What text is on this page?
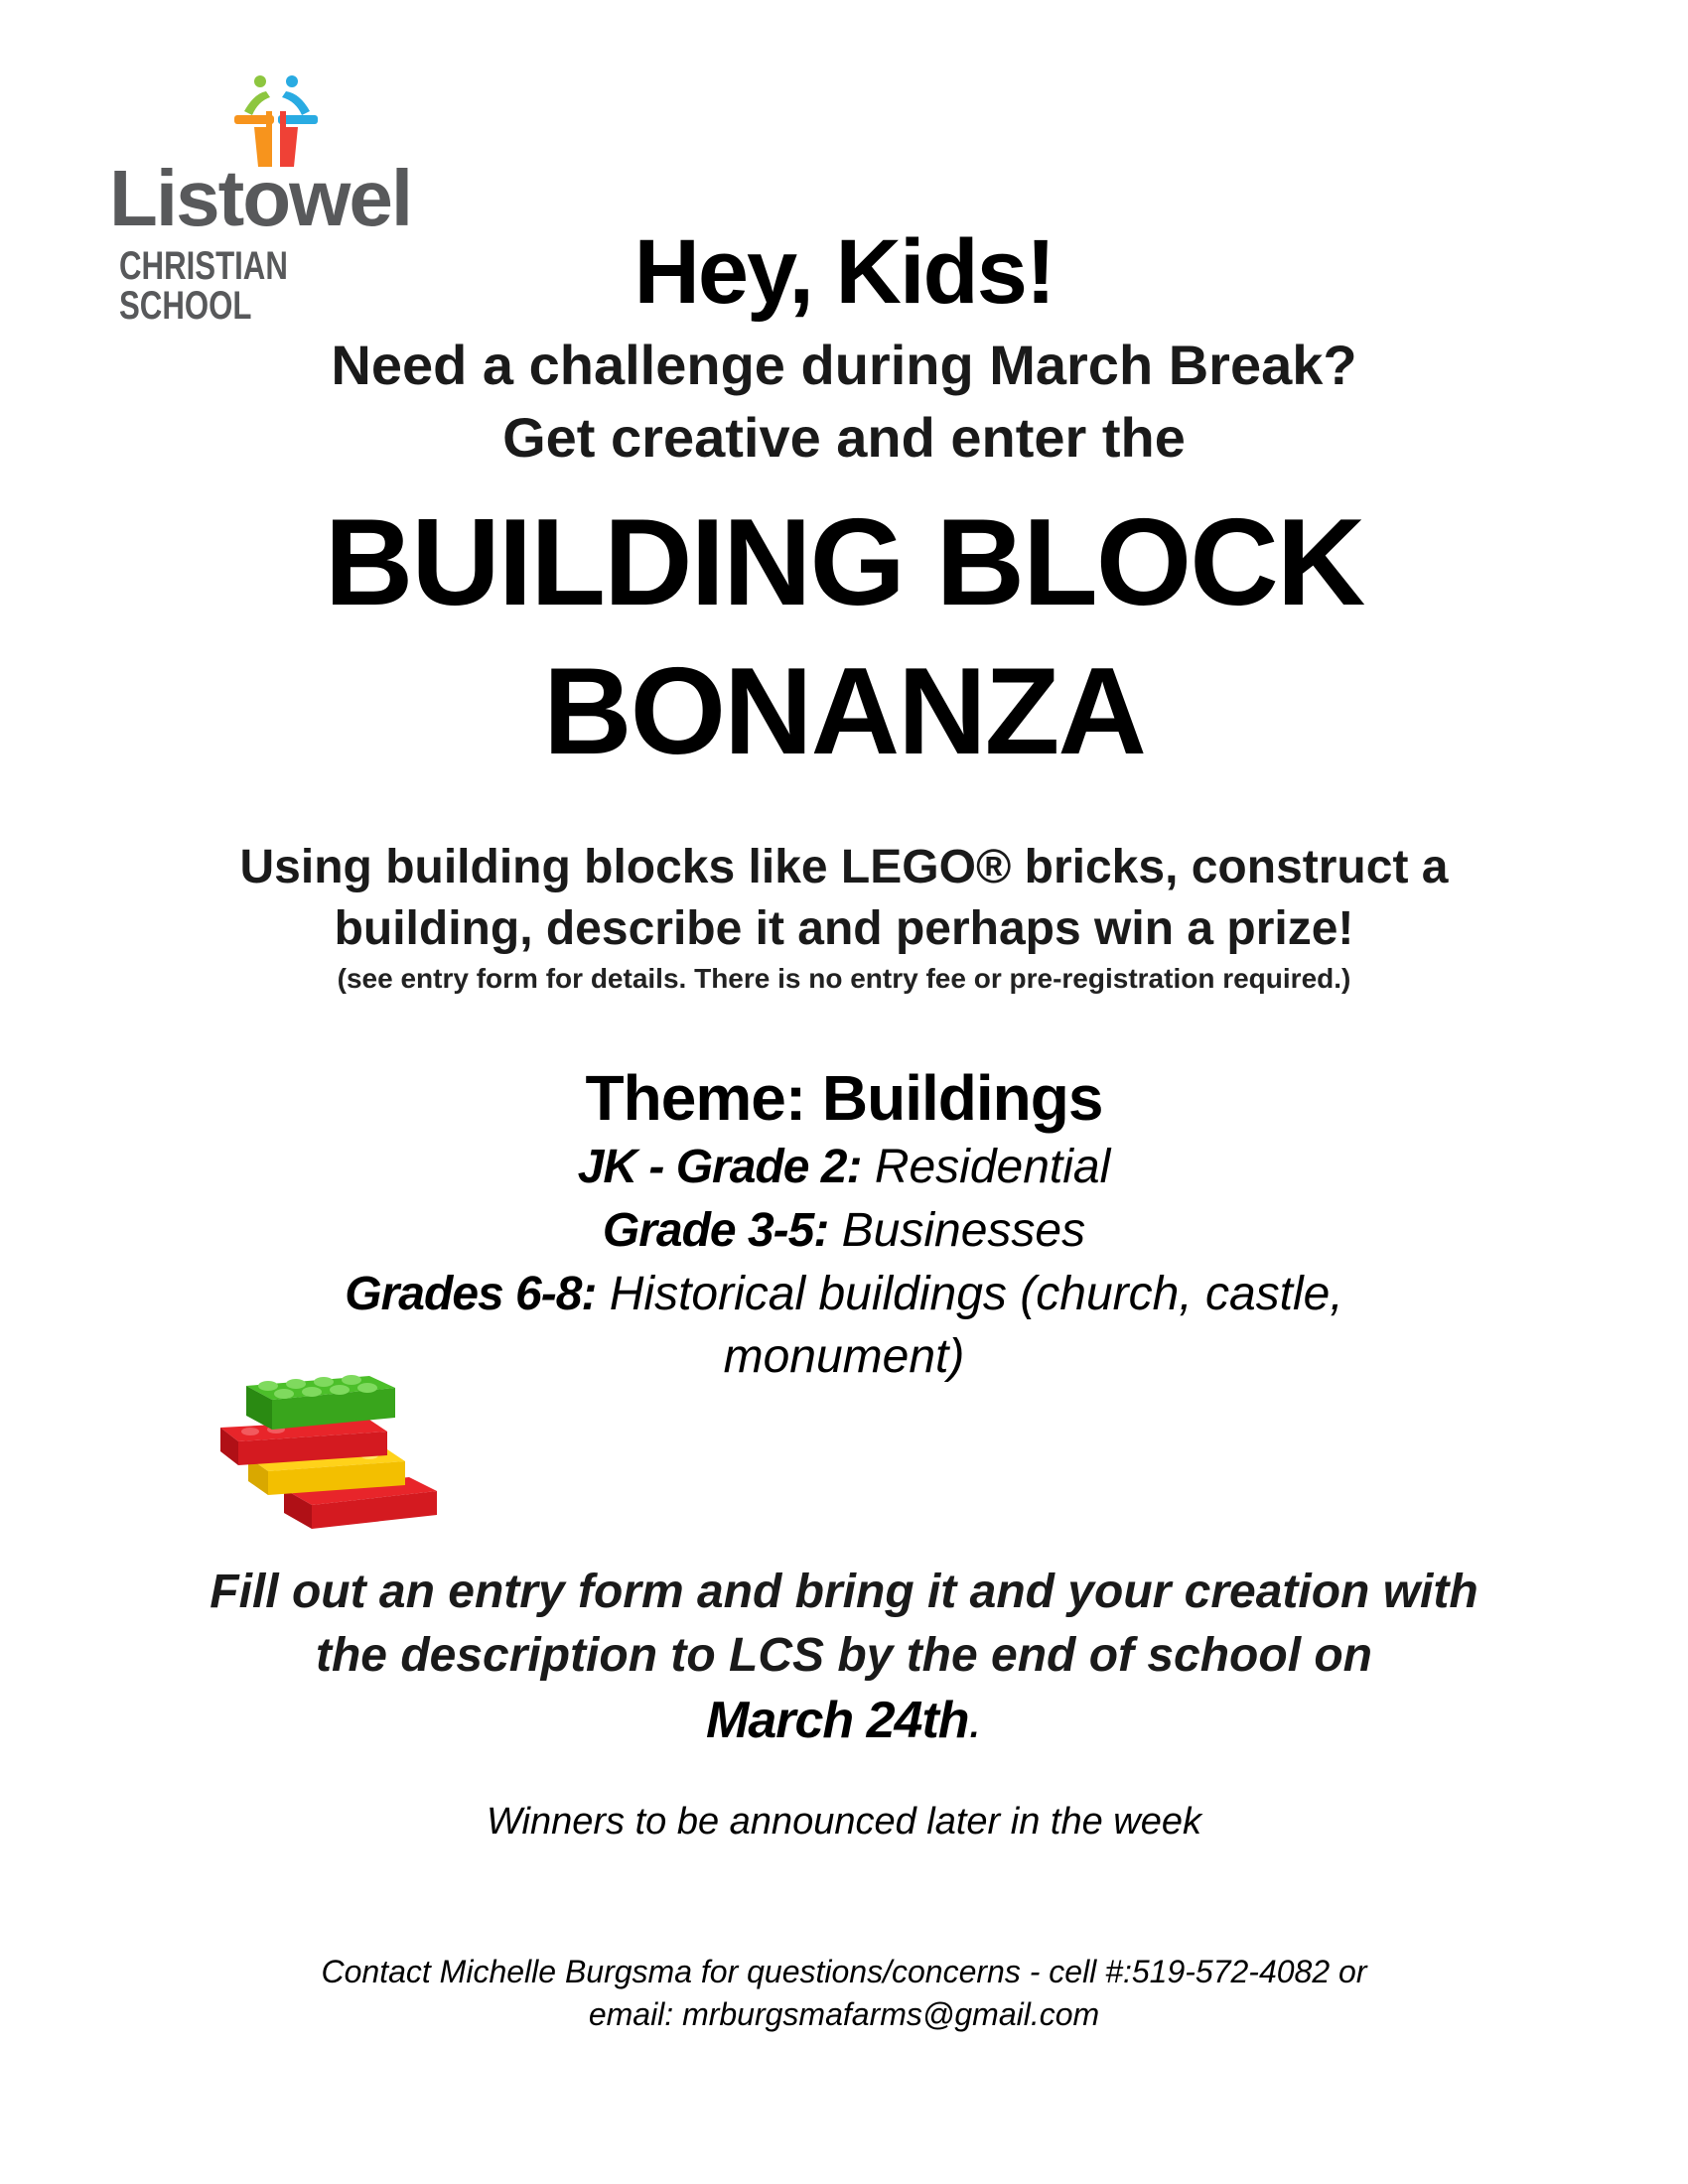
Listowel
CHRISTIAN SCHOOL	Hey, Kids!
Need a challenge during March Break?
Get creative and enter the
BUILDING BLOCK
BONANZA
Using building blocks like LEGO® bricks, construct a
building, describe it and perhaps win a prize!
(see entry form for details. There is no entry fee or pre-registration required.)
Theme: Buildings
JK - Grade 2: Residential
Grade 3-5: Businesses
Grades 6-8: Historical buildings (church, castle,
monument)
Fill out an entry form and bring it and your creation with
the description to LCS by the end of school on
March 24th.
Winners to be announced later in the week
Contact Michelle Burgsma for questions/concerns - cell #:519-572-4082 or
email: mrburgsmafarms@gmail.com
